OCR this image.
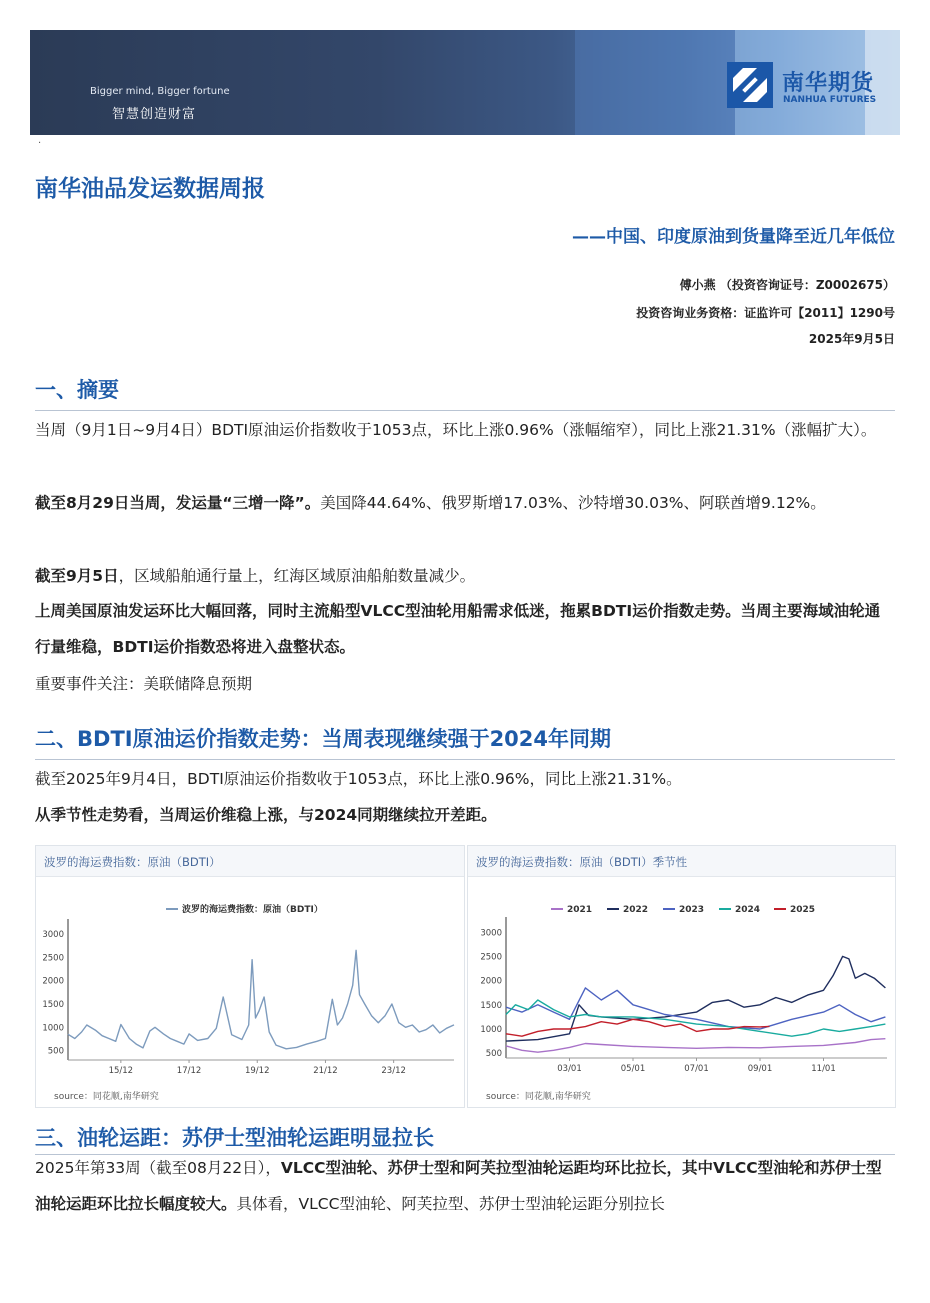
Bigger mind, Bigger fortune
智慧创造财富
南华期货
NANHUA FUTURES
·
南华油品发运数据周报
——中国、印度原油到货量降至近几年低位
傅小燕 （投资咨询证号：Z0002675）
投资咨询业务资格：证监许可【2011】1290号
2025年9月5日
一、摘要
当周（9月1日~9月4日）BDTI原油运价指数收于1053点，环比上涨0.96%（涨幅缩窄），同比上涨21.31%（涨幅扩大）。
截至8月29日当周，发运量“三增一降”。美国降44.64%、俄罗斯增17.03%、沙特增30.03%、阿联酋增9.12%。
截至9月5日，区域船舶通行量上，红海区域原油船舶数量减少。
上周美国原油发运环比大幅回落，同时主流船型VLCC型油轮用船需求低迷，拖累BDTI运价指数走势。当周主要海域油轮通行量维稳，BDTI运价指数恐将进入盘整状态。
重要事件关注：美联储降息预期
二、BDTI原油运价指数走势：当周表现继续强于2024年同期
截至2025年9月4日，BDTI原油运价指数收于1053点，环比上涨0.96%，同比上涨21.31%。
从季节性走势看，当周运价维稳上涨，与2024同期继续拉开差距。
波罗的海运费指数：原油（BDTI）
500
1000
1500
2000
2500
3000
15/12	17/12	19/12	21/12	23/12
波罗的海运费指数：原油（BDTI）
source：同花顺,南华研究
波罗的海运费指数：原油（BDTI）季节性
500
1000
1500
2000
2500
3000
03/01	05/01	07/01	09/01	11/01
2021	2022	2023	2024	2025
source：同花顺,南华研究
三、油轮运距：苏伊士型油轮运距明显拉长
2025年第33周（截至08月22日），VLCC型油轮、苏伊士型和阿芙拉型油轮运距均环比拉长，其中VLCC型油轮和苏伊士型油轮运距环比拉长幅度较大。具体看，VLCC型油轮、阿芙拉型、苏伊士型油轮运距分别拉长
